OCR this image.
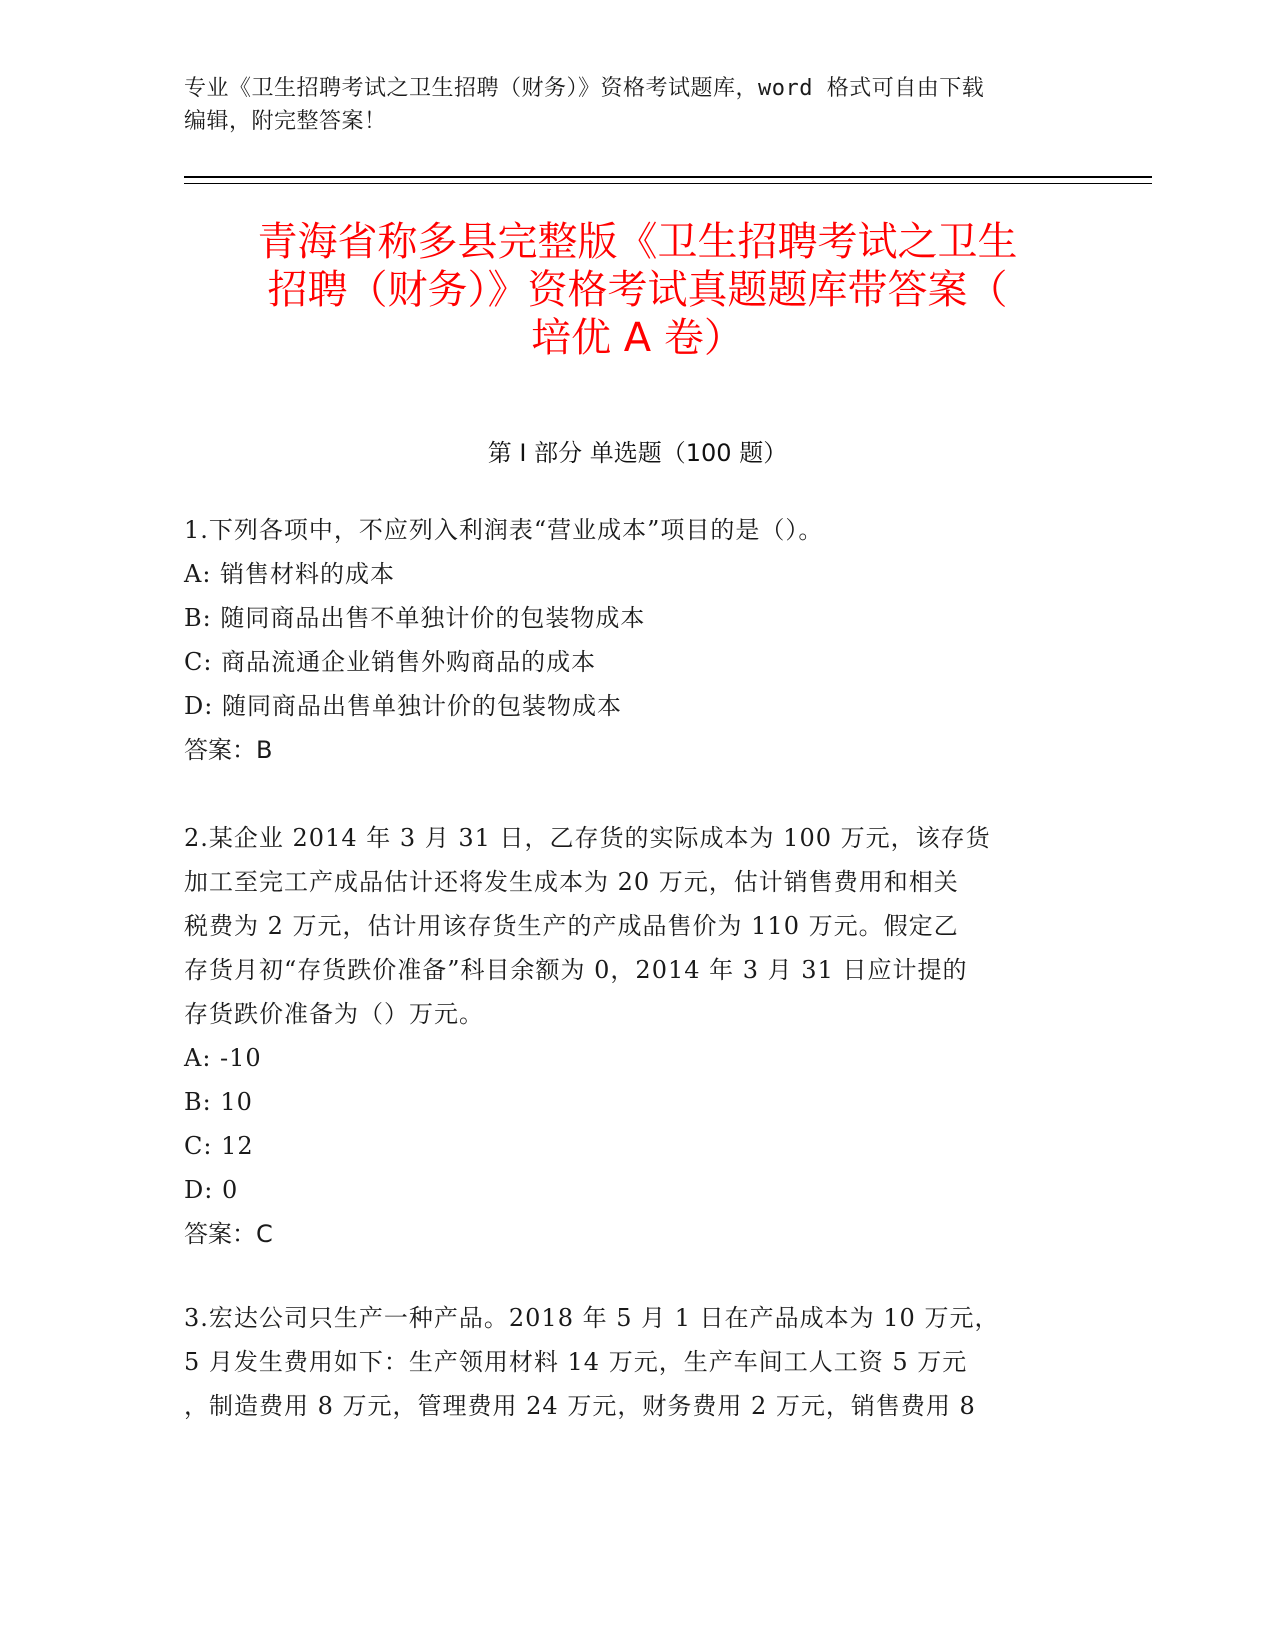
专业《卫生招聘考试之卫生招聘（财务）》资格考试题库，word 格式可自由下载
编辑，附完整答案！
青海省称多县完整版《卫生招聘考试之卫生
招聘（财务）》资格考试真题题库带答案（
培优 A 卷）
第 I 部分 单选题（100 题）
1.下列各项中，不应列入利润表“营业成本”项目的是（）。
A: 销售材料的成本
B: 随同商品出售不单独计价的包装物成本
C: 商品流通企业销售外购商品的成本
D: 随同商品出售单独计价的包装物成本
答案：B
2.某企业 2014 年 3 月 31 日，乙存货的实际成本为 100 万元，该存货
加工至完工产成品估计还将发生成本为 20 万元，估计销售费用和相关
税费为 2 万元，估计用该存货生产的产成品售价为 110 万元。假定乙
存货月初“存货跌价准备”科目余额为 0，2014 年 3 月 31 日应计提的
存货跌价准备为（）万元。
A: -10
B: 10
C: 12
D: 0
答案：C
3.宏达公司只生产一种产品。2018 年 5 月 1 日在产品成本为 10 万元，
5 月发生费用如下：生产领用材料 14 万元，生产车间工人工资 5 万元
，制造费用 8 万元，管理费用 24 万元，财务费用 2 万元，销售费用 8
